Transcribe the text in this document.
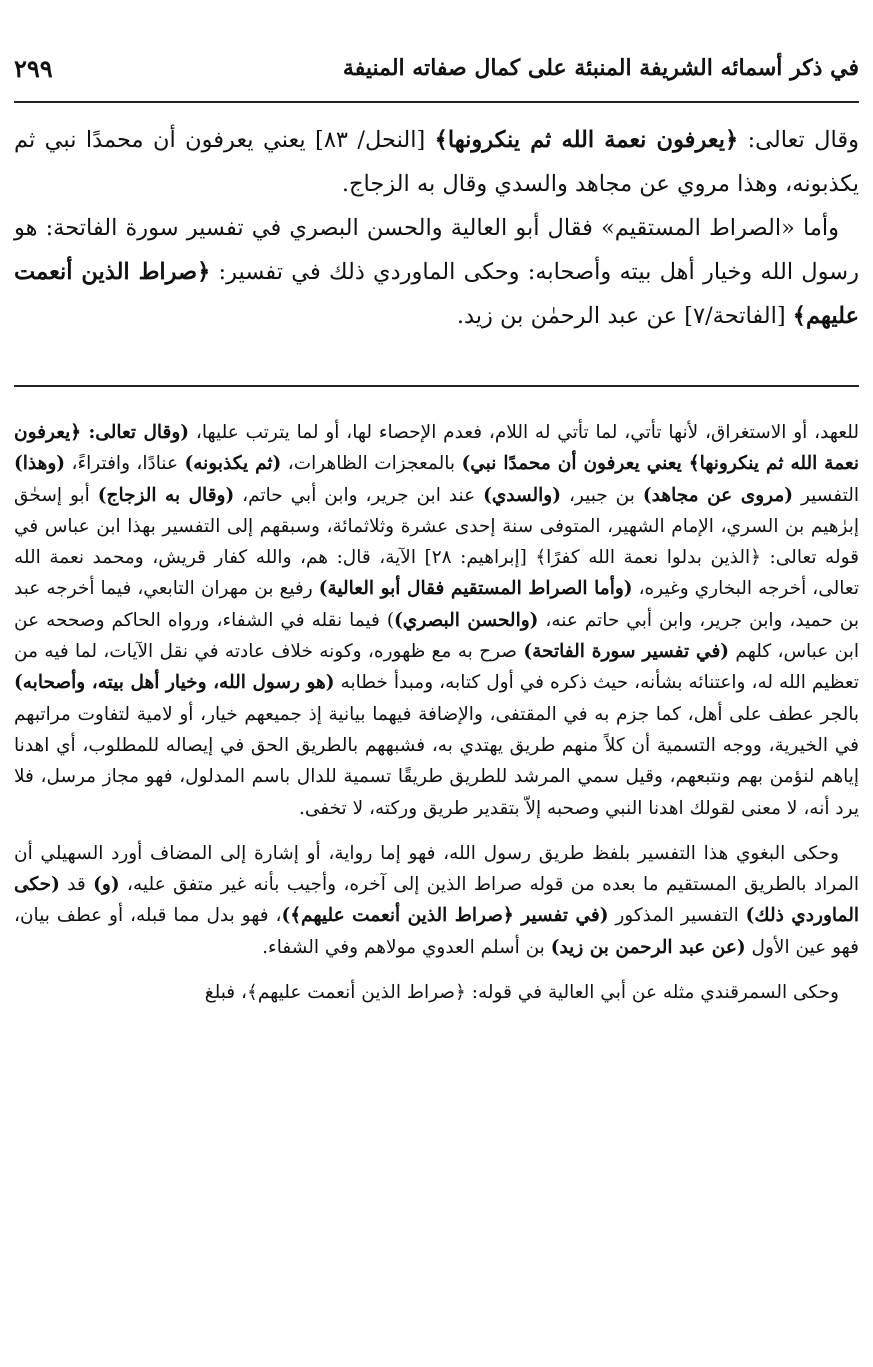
في ذكر أسمائه الشريفة المنبئة على كمال صفاته المنيفة
٢٩٩

وقال تعالى: ﴿يعرفون نعمة الله ثم ينكرونها﴾ [النحل/ ٨٣] يعني يعرفون أن محمدًا نبي ثم يكذبونه، وهذا مروي عن مجاهد والسدي وقال به الزجاج.

وأما «الصراط المستقيم» فقال أبو العالية والحسن البصري في تفسير سورة الفاتحة: هو رسول الله وخيار أهل بيته وأصحابه: وحكى الماوردي ذلك في تفسير: ﴿صراط الذين أنعمت عليهم﴾ [الفاتحة/٧] عن عبد الرحمٰن بن زيد.

للعهد، أو الاستغراق، لأنها تأتي، لما تأتي له اللام، فعدم الإحصاء لها، أو لما يترتب عليها، (وقال تعالى: ﴿يعرفون نعمة الله ثم ينكرونها﴾ يعني يعرفون أن محمدًا نبي) بالمعجزات الظاهرات، (ثم يكذبونه) عنادًا، وافتراءً، (وهذا) التفسير (مروى عن مجاهد) بن جبير، (والسدي) عند ابن جرير، وابن أبي حاتم، (وقال به الزجاج) أبو إسحٰق إبرٰهيم بن السري، الإمام الشهير، المتوفى سنة إحدى عشرة وثلاثمائة، وسبقهم إلى التفسير بهذا ابن عباس في قوله تعالى: ﴿الذين بدلوا نعمة الله كفرًا﴾ [إبراهيم: ٢٨] الآية، قال: هم، والله كفار قريش، ومحمد نعمة الله تعالى، أخرجه البخاري وغيره، (وأما الصراط المستقيم فقال أبو العالية) رفيع بن مهران التابعي، فيما أخرجه عبد بن حميد، وابن جرير، وابن أبي حاتم عنه، (والحسن البصري)) فيما نقله في الشفاء، ورواه الحاكم وصححه عن ابن عباس، كلهم (في تفسير سورة الفاتحة) صرح به مع ظهوره، وكونه خلاف عادته في نقل الآيات، لما فيه من تعظيم الله له، واعتنائه بشأنه، حيث ذكره في أول كتابه، ومبدأ خطابه (هو رسول الله، وخيار أهل بيته، وأصحابه) بالجر عطف على أهل، كما جزم به في المقتفى، والإضافة فيهما بيانية إذ جميعهم خيار، أو لامية لتفاوت مراتبهم في الخيرية، ووجه التسمية أن كلاً منهم طريق يهتدي به، فشبههم بالطريق الحق في إيصاله للمطلوب، أي اهدنا إياهم لنؤمن بهم ونتبعهم، وقيل سمي المرشد للطريق طريقًا تسمية للدال باسم المدلول، فهو مجاز مرسل، فلا يرد أنه، لا معنى لقولك اهدنا النبي وصحبه إلاّ بتقدير طريق وركته، لا تخفى.

وحكى البغوي هذا التفسير بلفظ طريق رسول الله، فهو إما رواية، أو إشارة إلى المضاف أورد السهيلي أن المراد بالطريق المستقيم ما بعده من قوله صراط الذين إلى آخره، وأجيب بأنه غير متفق عليه، (و) قد (حكى الماوردي ذلك) التفسير المذكور (في تفسير ﴿صراط الذين أنعمت عليهم﴾)، فهو بدل مما قبله، أو عطف بيان، فهو عين الأول (عن عبد الرحمن بن زيد) بن أسلم العدوي مولاهم وفي الشفاء.

وحكى السمرقندي مثله عن أبي العالية في قوله: ﴿صراط الذين أنعمت عليهم﴾، فبلغ
